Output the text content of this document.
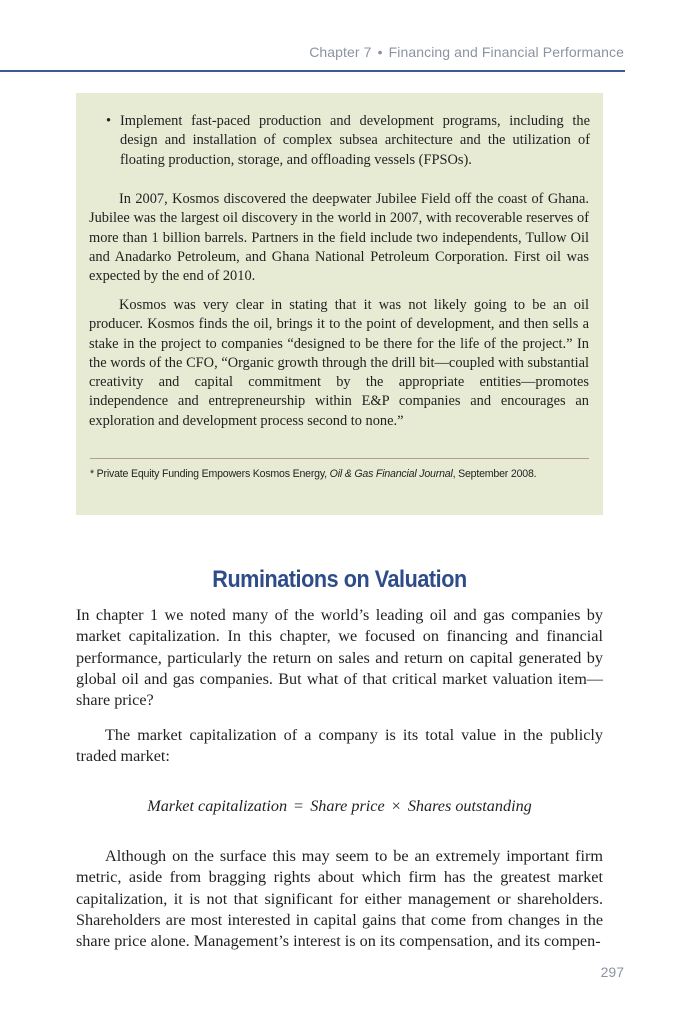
Chapter 7 • Financing and Financial Performance
• Implement fast-paced production and development programs, including the design and installation of complex subsea architecture and the utilization of floating production, storage, and offloading vessels (FPSOs).

In 2007, Kosmos discovered the deepwater Jubilee Field off the coast of Ghana. Jubilee was the largest oil discovery in the world in 2007, with recoverable reserves of more than 1 billion barrels. Partners in the field include two independents, Tullow Oil and Anadarko Petroleum, and Ghana National Petroleum Corporation. First oil was expected by the end of 2010.

Kosmos was very clear in stating that it was not likely going to be an oil producer. Kosmos finds the oil, brings it to the point of development, and then sells a stake in the project to companies “designed to be there for the life of the project.” In the words of the CFO, “Organic growth through the drill bit—coupled with substantial creativity and capital commitment by the appropriate entities—promotes independence and entrepreneurship within E&P companies and encourages an exploration and development process second to none.”

* Private Equity Funding Empowers Kosmos Energy, Oil & Gas Financial Journal, September 2008.
Ruminations on Valuation

In chapter 1 we noted many of the world’s leading oil and gas companies by market capitalization. In this chapter, we focused on financing and financial performance, particularly the return on sales and return on capital generated by global oil and gas companies. But what of that critical market valuation item—share price?

The market capitalization of a company is its total value in the publicly traded market:

Market capitalization = Share price × Shares outstanding

Although on the surface this may seem to be an extremely important firm metric, aside from bragging rights about which firm has the greatest market capitalization, it is not that significant for either management or shareholders. Shareholders are most interested in capital gains that come from changes in the share price alone. Management’s interest is on its compensation, and its compen-

297
